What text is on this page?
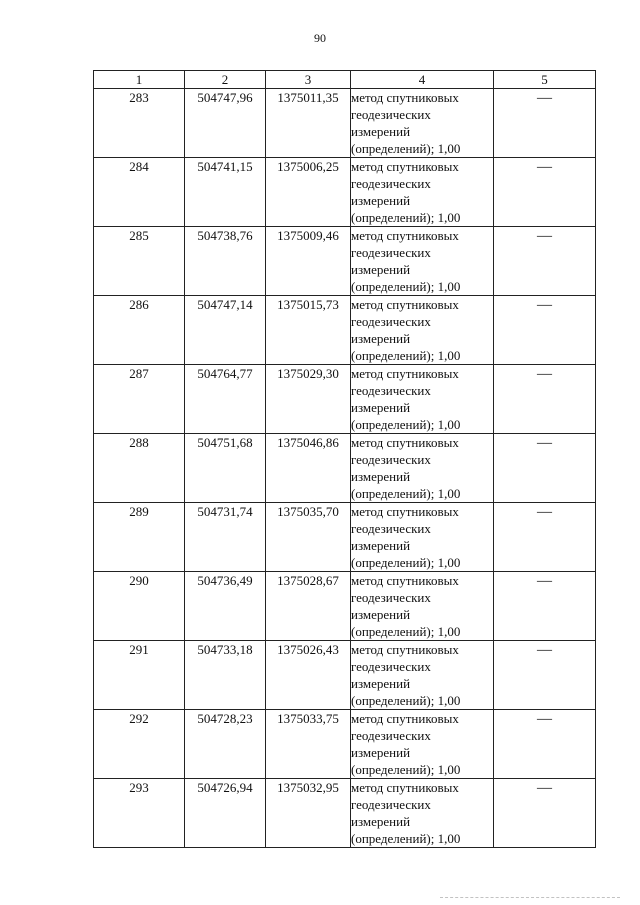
90
1	2	3	4	5
283	504747,96	1375011,35	метод спутниковых
геодезических
измерений
(определений); 1,00	—
284	504741,15	1375006,25	метод спутниковых
геодезических
измерений
(определений); 1,00	—
285	504738,76	1375009,46	метод спутниковых
геодезических
измерений
(определений); 1,00	—
286	504747,14	1375015,73	метод спутниковых
геодезических
измерений
(определений); 1,00	—
287	504764,77	1375029,30	метод спутниковых
геодезических
измерений
(определений); 1,00	—
288	504751,68	1375046,86	метод спутниковых
геодезических
измерений
(определений); 1,00	—
289	504731,74	1375035,70	метод спутниковых
геодезических
измерений
(определений); 1,00	—
290	504736,49	1375028,67	метод спутниковых
геодезических
измерений
(определений); 1,00	—
291	504733,18	1375026,43	метод спутниковых
геодезических
измерений
(определений); 1,00	—
292	504728,23	1375033,75	метод спутниковых
геодезических
измерений
(определений); 1,00	—
293	504726,94	1375032,95	метод спутниковых
геодезических
измерений
(определений); 1,00	—
